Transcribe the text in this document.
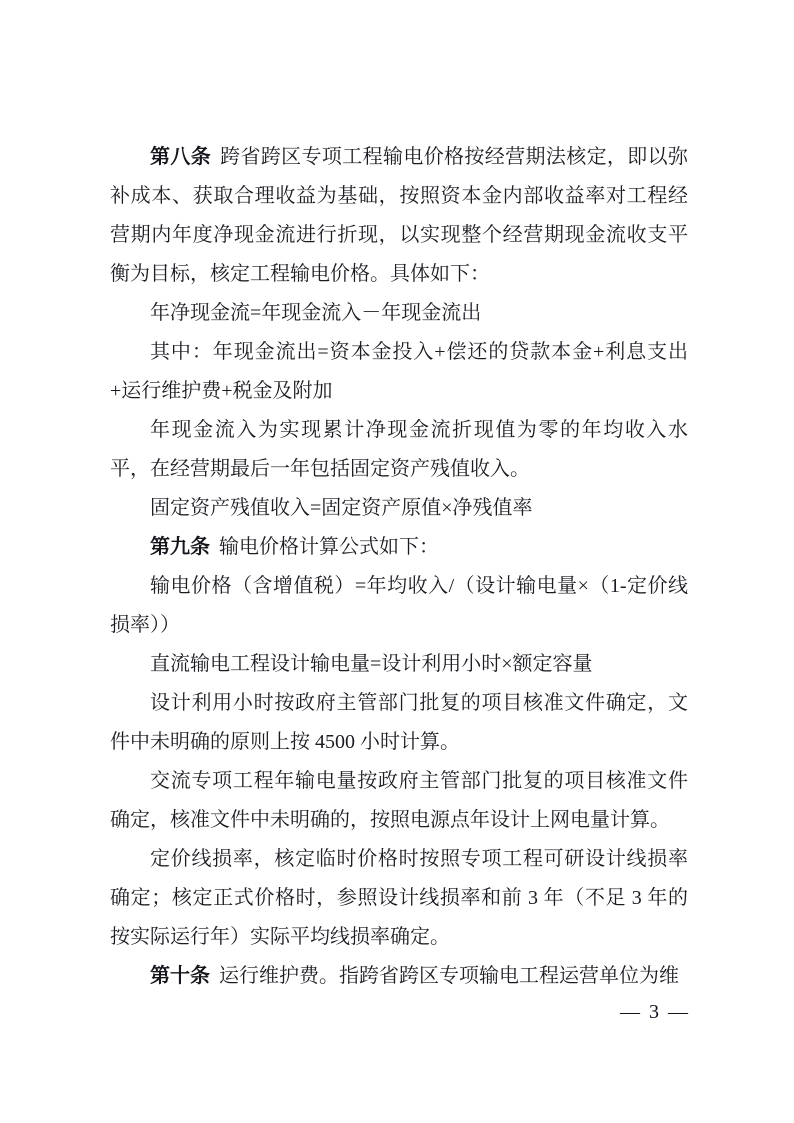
第八条 跨省跨区专项工程输电价格按经营期法核定，即以弥补成本、获取合理收益为基础，按照资本金内部收益率对工程经营期内年度净现金流进行折现，以实现整个经营期现金流收支平衡为目标，核定工程输电价格。具体如下：

年净现金流=年现金流入－年现金流出

其中：年现金流出=资本金投入+偿还的贷款本金+利息支出+运行维护费+税金及附加

年现金流入为实现累计净现金流折现值为零的年均收入水平，在经营期最后一年包括固定资产残值收入。

固定资产残值收入=固定资产原值×净残值率

第九条 输电价格计算公式如下：

输电价格（含增值税）=年均收入/（设计输电量×（1-定价线损率））

直流输电工程设计输电量=设计利用小时×额定容量

设计利用小时按政府主管部门批复的项目核准文件确定，文件中未明确的原则上按 4500 小时计算。

交流专项工程年输电量按政府主管部门批复的项目核准文件确定，核准文件中未明确的，按照电源点年设计上网电量计算。

定价线损率，核定临时价格时按照专项工程可研设计线损率确定；核定正式价格时，参照设计线损率和前 3 年（不足 3 年的按实际运行年）实际平均线损率确定。

第十条 运行维护费。指跨省跨区专项输电工程运营单位为维

— 3 —
